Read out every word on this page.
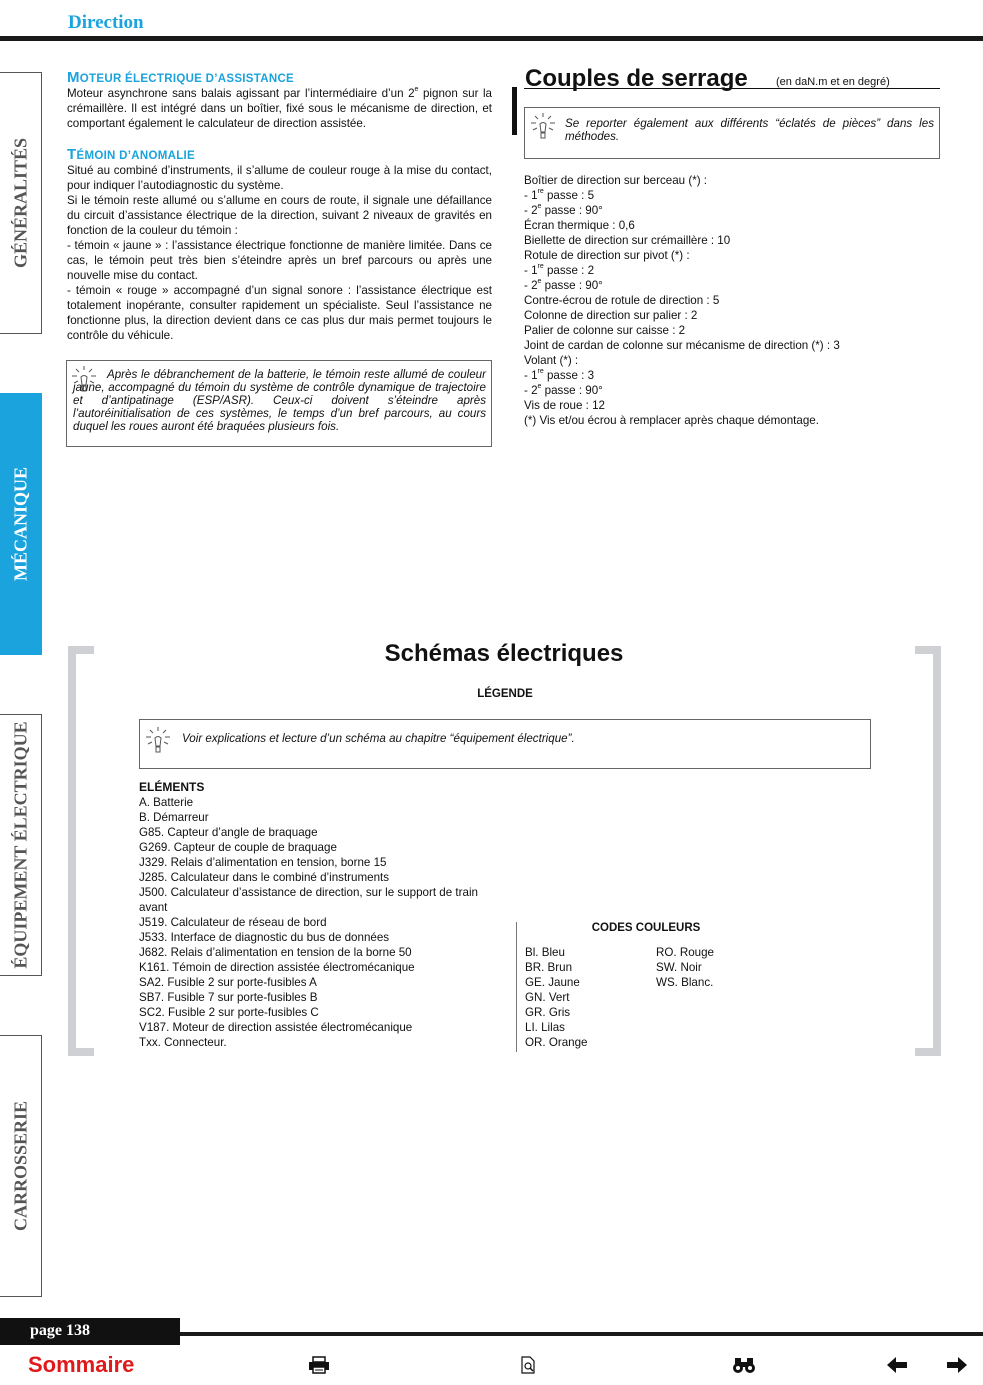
Direction
GÉNÉRALITÉS
MÉCANIQUE
ÉQUIPEMENT ÉLECTRIQUE
CARROSSERIE
MOTEUR ÉLECTRIQUE D’ASSISTANCE
Moteur asynchrone sans balais agissant par l’intermédiaire d’un 2e pignon sur la crémaillère. Il est intégré dans un boîtier, fixé sous le mécanisme de direction, et comportant également le calculateur de direction assistée.
TÉMOIN D’ANOMALIE
Situé au combiné d’instruments, il s’allume de couleur rouge à la mise du contact, pour indiquer l’autodiagnostic du système.
Si le témoin reste allumé ou s’allume en cours de route, il signale une défaillance du circuit d’assistance électrique de la direction, suivant 2 niveaux de gravités en fonction de la couleur du témoin :
- témoin « jaune » : l’assistance électrique fonctionne de manière limitée. Dans ce cas, le témoin peut très bien s’éteindre après un bref parcours ou après une nouvelle mise du contact.
- témoin « rouge » accompagné d’un signal sonore : l’assistance électrique est totalement inopérante, consulter rapidement un spécialiste. Seul l’assistance ne fonctionne plus, la direction devient dans ce cas plus dur mais permet toujours le contrôle du véhicule.
Après le débranchement de la batterie, le témoin reste allumé de couleur jaune, accompagné du témoin du système de contrôle dynamique de trajectoire et d’antipatinage (ESP/ASR). Ceux-ci doivent s’éteindre après l’autoréinitialisation de ces systèmes, le temps d’un bref parcours, au cours duquel les roues auront été braquées plusieurs fois.
Couples de serrage	(en daN.m et en degré)
Se reporter également aux différents “éclatés de pièces” dans les méthodes.
Boîtier de direction sur berceau (*) :
- 1re passe : 5
- 2e passe : 90°
Écran thermique : 0,6
Biellette de direction sur crémaillère : 10
Rotule de direction sur pivot (*) :
- 1re passe : 2
- 2e passe : 90°
Contre-écrou de rotule de direction : 5
Colonne de direction sur palier : 2
Palier de colonne sur caisse : 2
Joint de cardan de colonne sur mécanisme de direction (*) : 3
Volant (*) :
- 1re passe : 3
- 2e passe : 90°
Vis de roue : 12
(*) Vis et/ou écrou à remplacer après chaque démontage.
Schémas électriques
LÉGENDE
Voir explications et lecture d’un schéma au chapitre “équipement électrique”.
ELÉMENTS
A. Batterie
B. Démarreur
G85. Capteur d’angle de braquage
G269. Capteur de couple de braquage
J329. Relais d’alimentation en tension, borne 15
J285. Calculateur dans le combiné d’instruments
J500. Calculateur d’assistance de direction, sur le support de train
avant
J519. Calculateur de réseau de bord
J533. Interface de diagnostic du bus de données
J682. Relais d’alimentation en tension de la borne 50
K161. Témoin de direction assistée électromécanique
SA2. Fusible 2 sur porte-fusibles A
SB7. Fusible 7 sur porte-fusibles B
SC2. Fusible 2 sur porte-fusibles C
V187. Moteur de direction assistée électromécanique
Txx. Connecteur.
CODES COULEURS
Bl. Bleu
BR. Brun
GE. Jaune
GN. Vert
GR. Gris
LI. Lilas
OR. Orange
RO. Rouge
SW. Noir
WS. Blanc.
page 138
Sommaire
